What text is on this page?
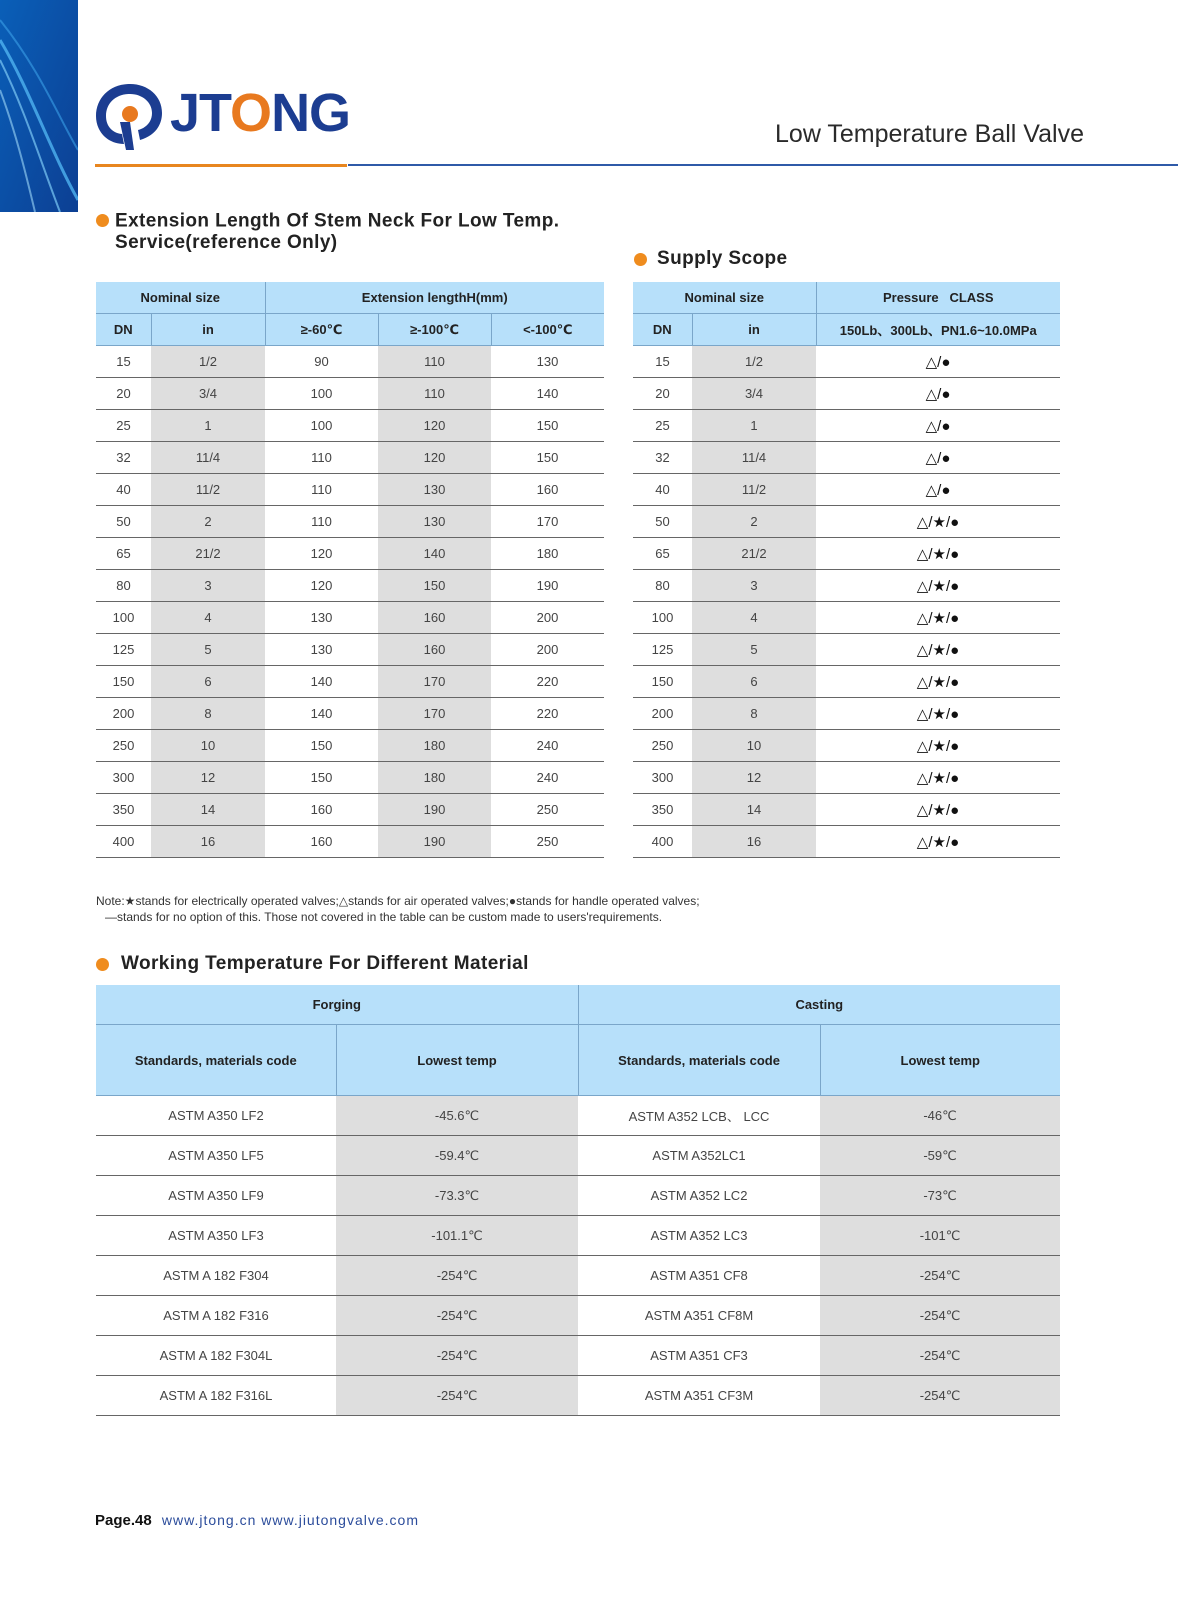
JTONG	Low Temperature Ball Valve
Extension Length Of Stem Neck For Low Temp.
Service(reference Only)
Supply Scope
Nominal size		Extension lengthH(mm)		
DN	in	≥-60℃	≥-100℃	<-100℃
15	1/2	90	110	130
20	3/4	100	110	140
25	1	100	120	150
32	11/4	110	120	150
40	11/2	110	130	160
50	2	110	130	170
65	21/2	120	140	180
80	3	120	150	190
100	4	130	160	200
125	5	130	160	200
150	6	140	170	220
200	8	140	170	220
250	10	150	180	240
300	12	150	180	240
350	14	160	190	250
400	16	160	190	250
Nominal size		Pressure   CLASS
DN	in	150Lb、300Lb、PN1.6~10.0MPa
15	1/2	△/●
20	3/4	△/●
25	1	△/●
32	11/4	△/●
40	11/2	△/●
50	2	△/★/●
65	21/2	△/★/●
80	3	△/★/●
100	4	△/★/●
125	5	△/★/●
150	6	△/★/●
200	8	△/★/●
250	10	△/★/●
300	12	△/★/●
350	14	△/★/●
400	16	△/★/●
Note:★stands for electrically operated valves;△stands for air operated valves;●stands for handle operated valves;
—stands for no option of this. Those not covered in the table can be custom made to users'requirements.
Working Temperature For Different Material
Forging		Casting	
Standards, materials code	Lowest temp	Standards, materials code	Lowest temp
ASTM A350 LF2	-45.6℃	ASTM A352 LCB、 LCC	-46℃
ASTM A350 LF5	-59.4℃	ASTM A352LC1	-59℃
ASTM A350 LF9	-73.3℃	ASTM A352 LC2	-73℃
ASTM A350 LF3	-101.1℃	ASTM A352 LC3	-101℃
ASTM A 182 F304	-254℃	ASTM A351 CF8	-254℃
ASTM A 182 F316	-254℃	ASTM A351 CF8M	-254℃
ASTM A 182 F304L	-254℃	ASTM A351 CF3	-254℃
ASTM A 182 F316L	-254℃	ASTM A351 CF3M	-254℃
Page.48 www.jtong.cn www.jiutongvalve.com
